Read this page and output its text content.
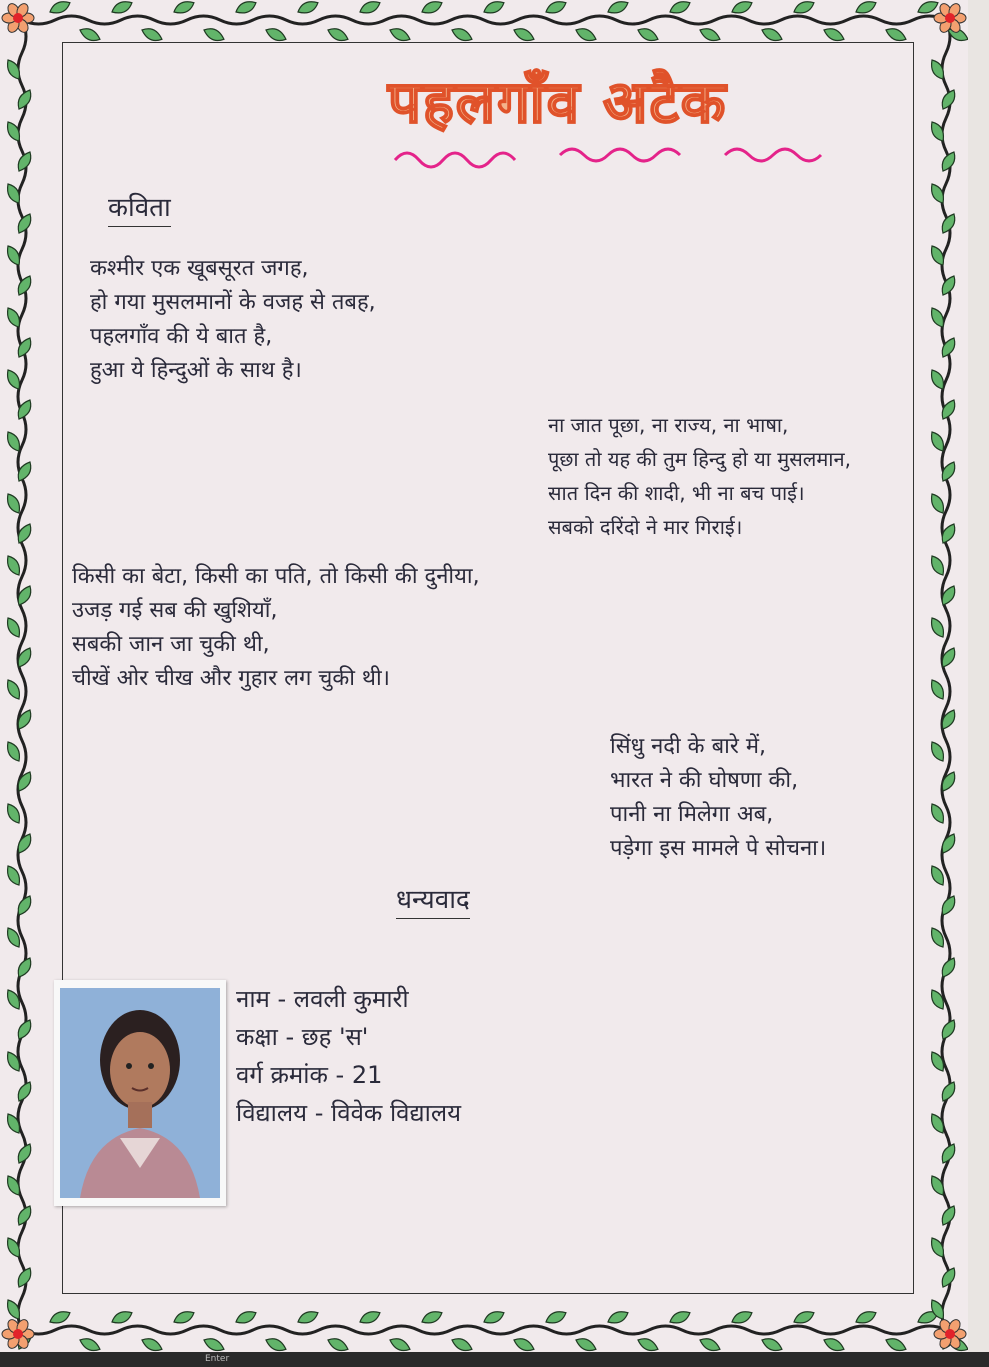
पहलगाँव अटैक
कविता
कश्मीर एक खूबसूरत जगह,
हो गया मुसलमानों के वजह से तबह,
पहलगाँव की ये बात है,
हुआ ये हिन्दुओं के साथ है।
ना जात पूछा, ना राज्य, ना भाषा,
पूछा तो यह की तुम हिन्दु हो या मुसलमान,
सात दिन की शादी, भी ना बच पाई।
सबको दरिंदो ने मार गिराई।
किसी का बेटा, किसी का पति, तो किसी की दुनीया,
उजड़ गई सब की खुशियाँ,
सबकी जान जा चुकी थी,
चीखें ओर चीख और गुहार लग चुकी थी।
सिंधु नदी के बारे में,
भारत ने की घोषणा की,
पानी ना मिलेगा अब,
पड़ेगा इस मामले पे सोचना।
धन्यवाद
नाम - लवली कुमारी
कक्षा - छह 'स'
वर्ग क्रमांक - 21
विद्यालय - विवेक विद्यालय
Enter
